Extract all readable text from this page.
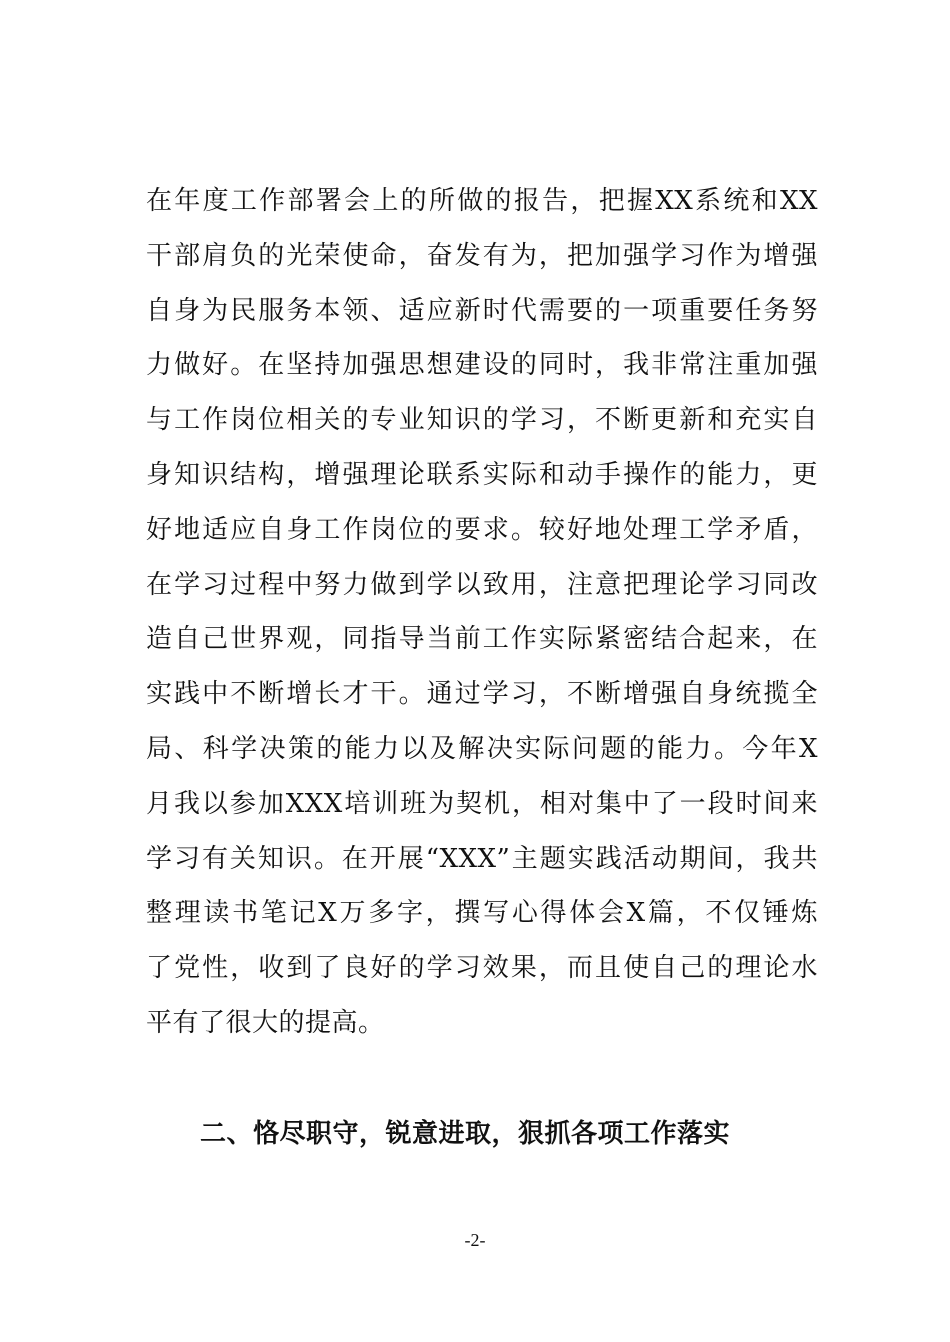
在年度工作部署会上的所做的报告，把握XX系统和XX
干部肩负的光荣使命，奋发有为，把加强学习作为增强
自身为民服务本领、适应新时代需要的一项重要任务努
力做好。在坚持加强思想建设的同时，我非常注重加强
与工作岗位相关的专业知识的学习，不断更新和充实自
身知识结构，增强理论联系实际和动手操作的能力，更
好地适应自身工作岗位的要求。较好地处理工学矛盾，
在学习过程中努力做到学以致用，注意把理论学习同改
造自己世界观，同指导当前工作实际紧密结合起来，在
实践中不断增长才干。通过学习，不断增强自身统揽全
局、科学决策的能力以及解决实际问题的能力。今年X
月我以参加XXX培训班为契机，相对集中了一段时间来
学习有关知识。在开展“XXX”主题实践活动期间，我共
整理读书笔记X万多字，撰写心得体会X篇，不仅锤炼
了党性，收到了良好的学习效果，而且使自己的理论水
平有了很大的提高。
二、恪尽职守，锐意进取，狠抓各项工作落实
-2-
